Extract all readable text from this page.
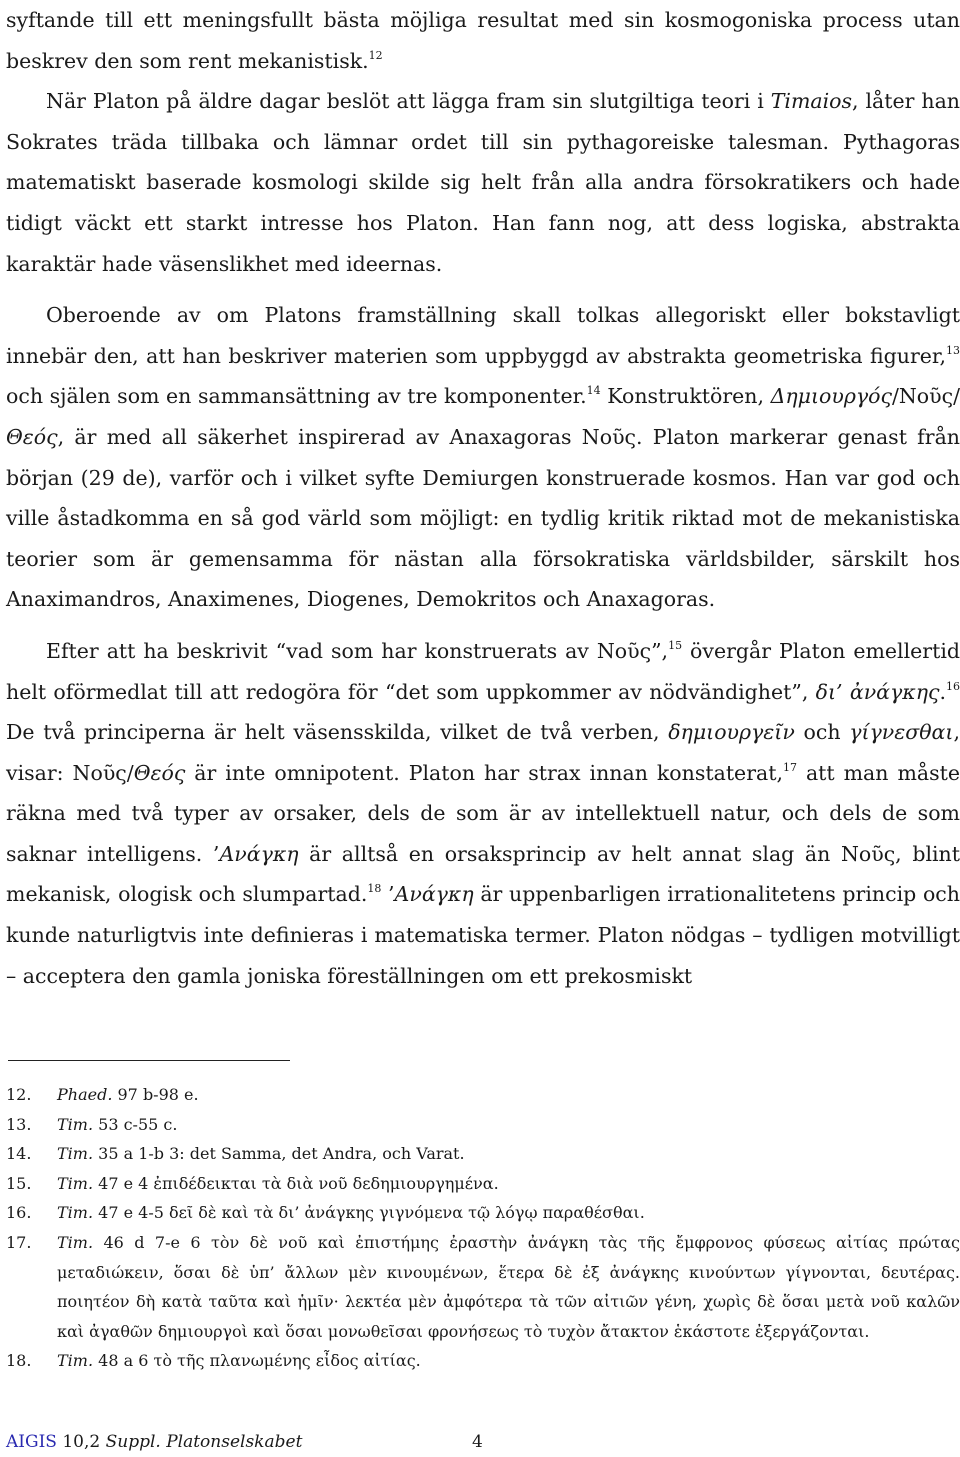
syftande till ett meningsfullt bästa möjliga resultat med sin kosmogoniska process utan beskrev den som rent mekanistisk.$^{12}$

När Platon på äldre dagar beslöt att lägga fram sin slutgiltiga teori i Timaios, låter han Sokrates träda tillbaka och lämnar ordet till sin pythagoreiske talesman. Pythagoras matematiskt baserade kosmologi skilde sig helt från alla andra försokratikers och hade tidigt väckt ett starkt intresse hos Platon. Han fann nog, att dess logiska, abstrakta karaktär hade väsenslikhet med ideernas.

Oberoende av om Platons framställning skall tolkas allegoriskt eller bokstavligt innebär den, att han beskriver materien som uppbyggd av abstrakta geometriska figurer,$^{13}$ och själen som en sammansättning av tre komponenter.$^{14}$ Konstruktören, Δημιουργός/Νοῦς/Θεός, är med all säkerhet inspirerad av Anaxagoras Νοῦς. Platon markerar genast från början (29 de), varför och i vilket syfte Demiurgen konstruerade kosmos. Han var god och ville åstadkomma en så god värld som möjligt: en tydlig kritik riktad mot de mekanistiska teorier som är gemensamma för nästan alla försokratiska världsbilder, särskilt hos Anaximandros, Anaximenes, Diogenes, Demokritos och Anaxagoras.

Efter att ha beskrivit “vad som har konstruerats av Νοῦς”,$^{15}$ övergår Platon emellertid helt oförmedlat till att redogöra för “det som uppkommer av nödvändighet”, δι’ ἀνάγκης.$^{16}$ De två principerna är helt väsensskilda, vilket de två verben, δημιουργεῖν och γίγνεσθαι, visar: Νοῦς/Θεός är inte omnipotent. Platon har strax innan konstaterat,$^{17}$ att man måste räkna med två typer av orsaker, dels de som är av intellektuell natur, och dels de som saknar intelligens. ’Ανάγκη är alltså en orsaksprincip av helt annat slag än Νοῦς, blint mekanisk, ologisk och slumpartad.$^{18}$ ’Ανάγκη är uppenbarligen irrationalitetens princip och kunde naturligtvis inte definieras i matematiska termer. Platon nödgas – tydligen motvilligt – acceptera den gamla joniska föreställningen om ett prekosmiskt

12.	Phaed. 97 b-98 e.
13.	Tim. 53 c-55 c.
14.	Tim. 35 a 1-b 3: det Samma, det Andra, och Varat.
15.	Tim. 47 e 4 ἐπιδέδεικται τὰ διὰ νοῦ δεδημιουργημένα.
16.	Tim. 47 e 4-5 δεῖ δὲ καὶ τὰ δι’ ἀνάγκης γιγνόμενα τῷ λόγῳ παραθέσθαι.
17.	Tim. 46 d 7-e 6 τὸν δὲ νοῦ καὶ ἐπιστήμης ἐραστὴν ἀνάγκη τὰς τῆς ἔμφρονος φύσεως αἰτίας πρώτας μεταδιώκειν, ὅσαι δὲ ὑπ’ ἄλλων μὲν κινουμένων, ἕτερα δὲ ἐξ ἀνάγκης κινούντων γίγνονται, δευτέρας. ποιητέον δὴ κατὰ ταῦτα καὶ ἡμῖν· λεκτέα μὲν ἀμφότερα τὰ τῶν αἰτιῶν γένη, χωρὶς δὲ ὅσαι μετὰ νοῦ καλῶν καὶ ἀγαθῶν δημιουργοὶ καὶ ὅσαι μονωθεῖσαι φρονήσεως τὸ τυχὸν ἄτακτον ἑκάστοτε ἐξεργάζονται.
18.	Tim. 48 a 6 τὸ τῆς πλανωμένης εἶδος αἰτίας.
AIGIS 10,2 Suppl. Platonselskabet	4
